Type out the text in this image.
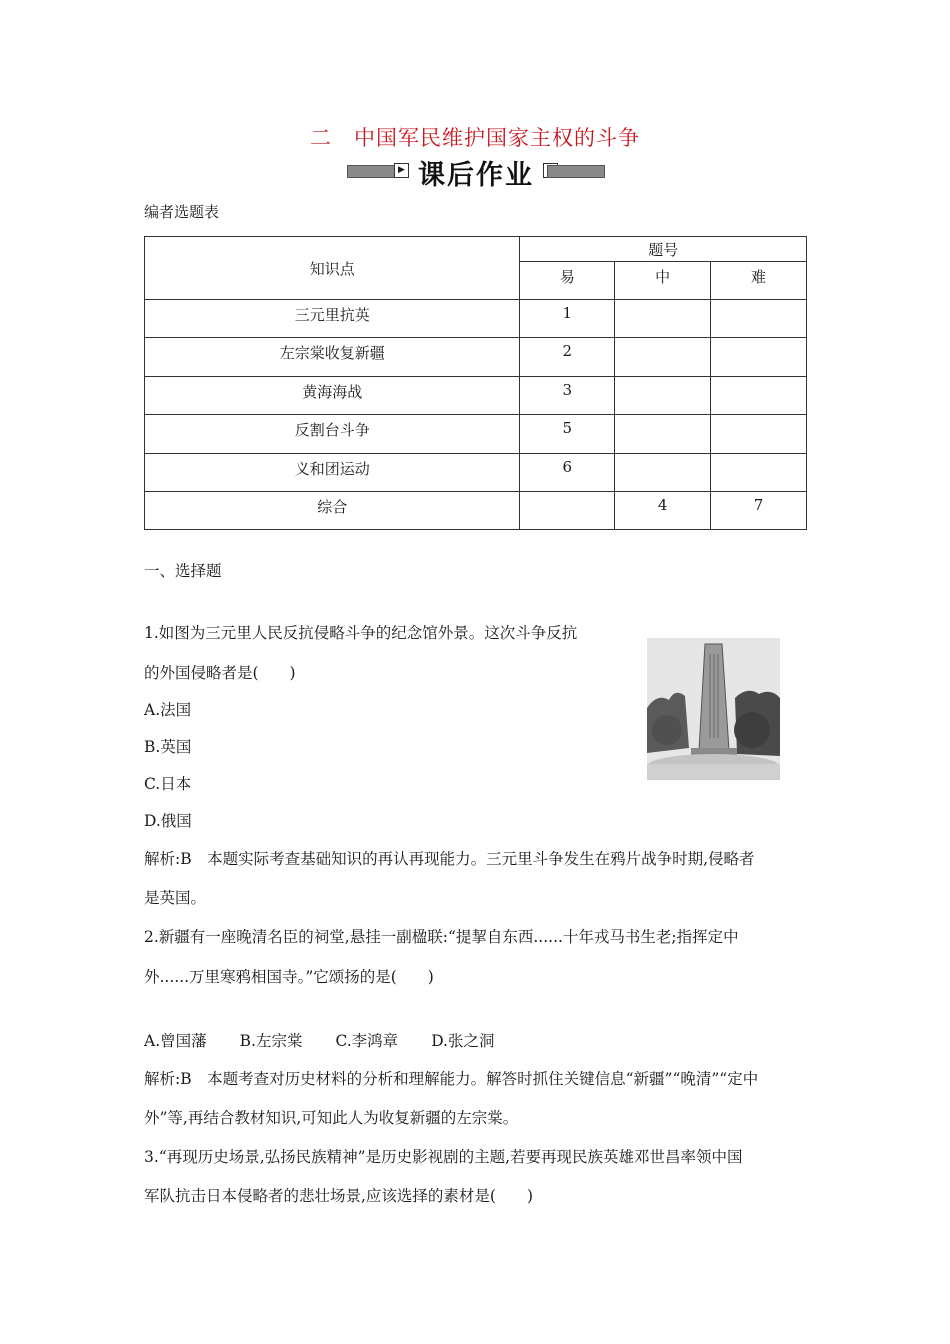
二　中国军民维护国家主权的斗争
▶ 课后作业
编者选题表
知识点	题号		
	易	中	难
三元里抗英	1		
左宗棠收复新疆	2		
黄海海战	3		
反割台斗争	5		
义和团运动	6		
综合		4	7
一、选择题
1.如图为三元里人民反抗侵略斗争的纪念馆外景。这次斗争反抗
的外国侵略者是(　　)
A.法国
B.英国
C.日本
D.俄国
解析:B　本题实际考查基础知识的再认再现能力。三元里斗争发生在鸦片战争时期,侵略者
是英国。
2.新疆有一座晚清名臣的祠堂,悬挂一副楹联:“提挈自东西......十年戎马书生老;指挥定中
外......万里寒鸦相国寺。”它颂扬的是(　　)
A.曾国藩 B.左宗棠 C.李鸿章 D.张之洞
解析:B　本题考查对历史材料的分析和理解能力。解答时抓住关键信息“新疆”“晚清”“定中
外”等,再结合教材知识,可知此人为收复新疆的左宗棠。
3.“再现历史场景,弘扬民族精神”是历史影视剧的主题,若要再现民族英雄邓世昌率领中国
军队抗击日本侵略者的悲壮场景,应该选择的素材是(　　)
